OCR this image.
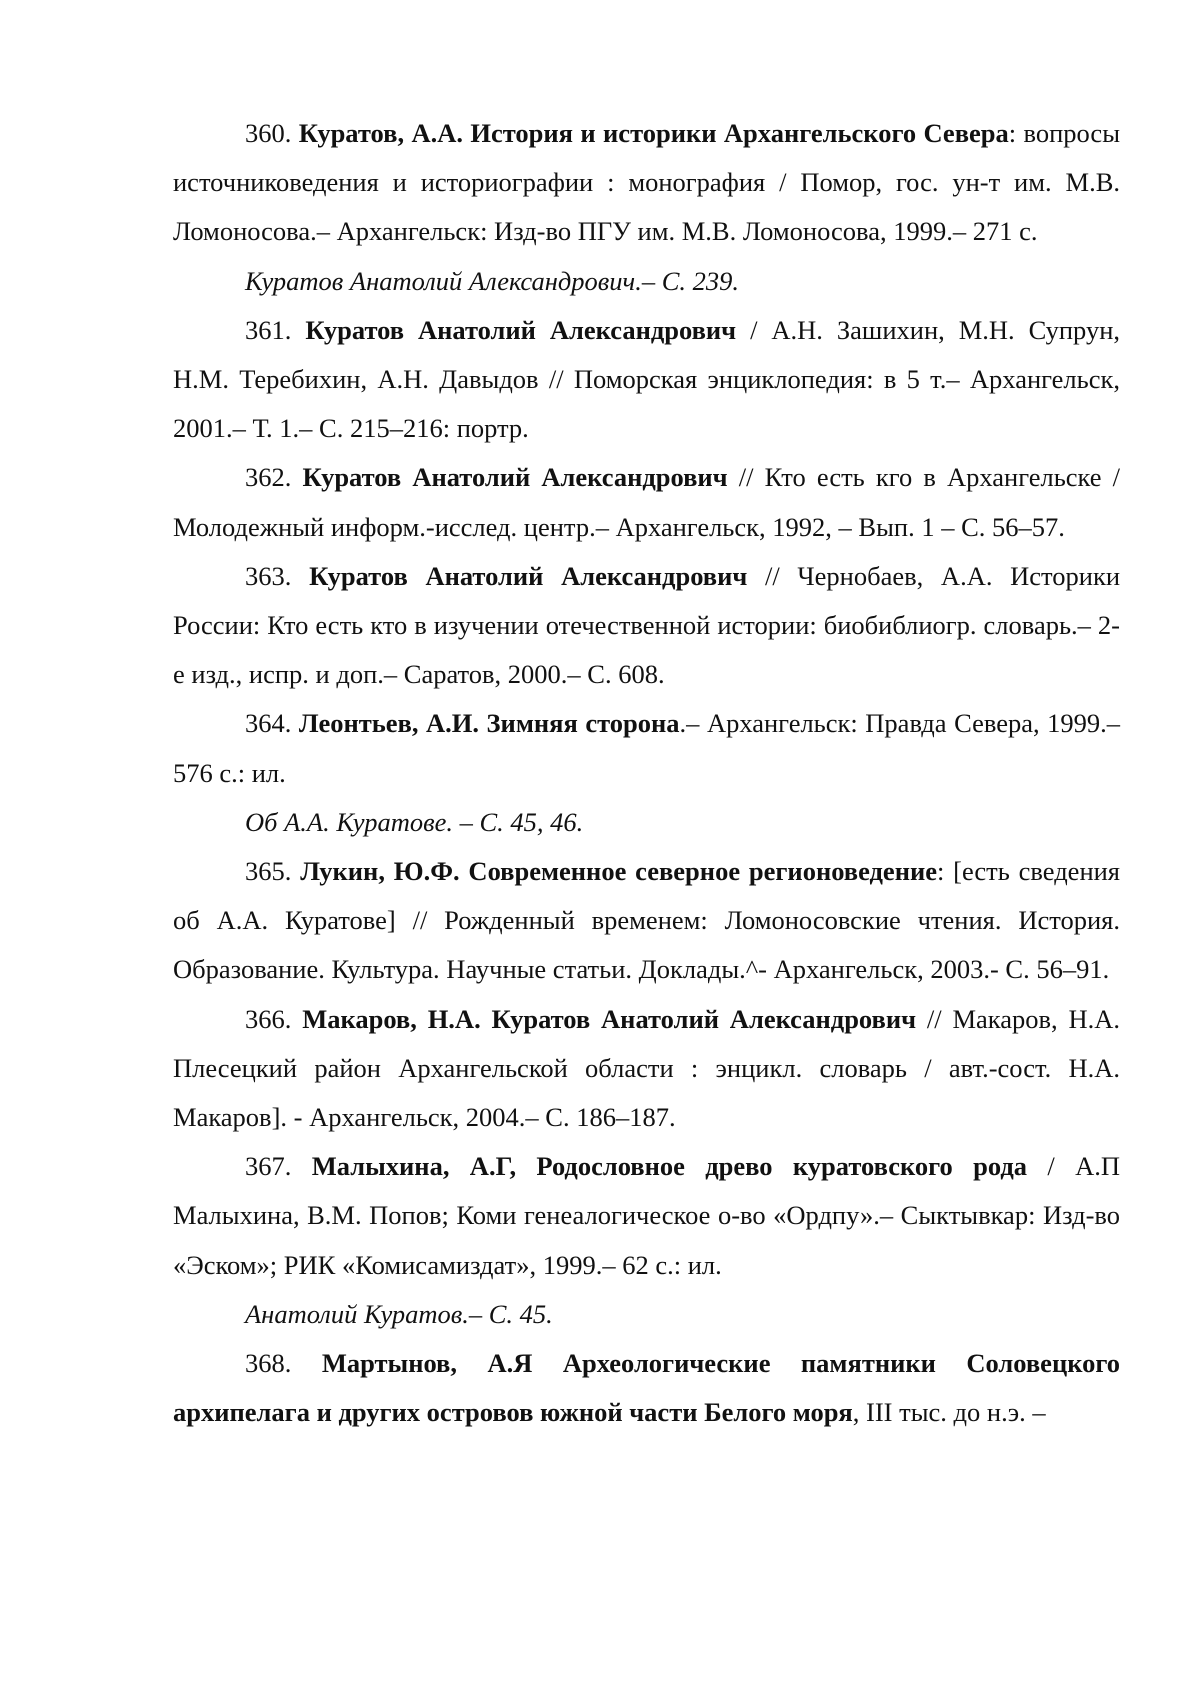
360. Куратов, А.А. История и историки Архангельского Севера: вопросы источниковедения и историографии : монография / Помор, гос. ун-т им. М.В. Ломоносова.– Архангельск: Изд-во ПГУ им. М.В. Ломоносова, 1999.– 271 с.

Куратов Анатолий Александрович.– С. 239.

361. Куратов Анатолий Александрович / А.Н. Зашихин, М.Н. Супрун, Н.М. Теребихин, А.Н. Давыдов // Поморская энциклопедия: в 5 т.– Архангельск, 2001.– Т. 1.– С. 215–216: портр.

362. Куратов Анатолий Александрович // Кто есть кго в Архангельске / Молодежный информ.-исслед. центр.– Архангельск, 1992, – Вып. 1 – С. 56–57.

363. Куратов Анатолий Александрович // Чернобаев, А.А. Историки России: Кто есть кто в изучении отечественной истории: биобиблиогр. словарь.– 2-е изд., испр. и доп.– Саратов, 2000.– С. 608.

364. Леонтьев, А.И. Зимняя сторона.– Архангельск: Правда Севера, 1999.– 576 с.: ил.

Об А.А. Куратове. – С. 45, 46.

365. Лукин, Ю.Ф. Современное северное регионоведение: [есть сведения об А.А. Куратове] // Рожденный временем: Ломоносовские чтения. История. Образование. Культура. Научные статьи. Доклады.^- Архангельск, 2003.- С. 56–91.

366. Макаров, Н.А. Куратов Анатолий Александрович // Макаров, Н.А. Плесецкий район Архангельской области : энцикл. словарь / авт.-сост. Н.А. Макаров]. - Архангельск, 2004.– С. 186–187.

367. Малыхина, А.Г, Родословное древо куратовского рода / А.П Малыхина, В.М. Попов; Коми генеалогическое о-во «Ордпу».– Сыктывкар: Изд-во «Эском»; РИК «Комисамиздат», 1999.– 62 с.: ил.

Анатолий Куратов.– С. 45.

368. Мартынов, А.Я Археологические памятники Соловецкого архипелага и других островов южной части Белого моря, III тыс. до н.э. –
